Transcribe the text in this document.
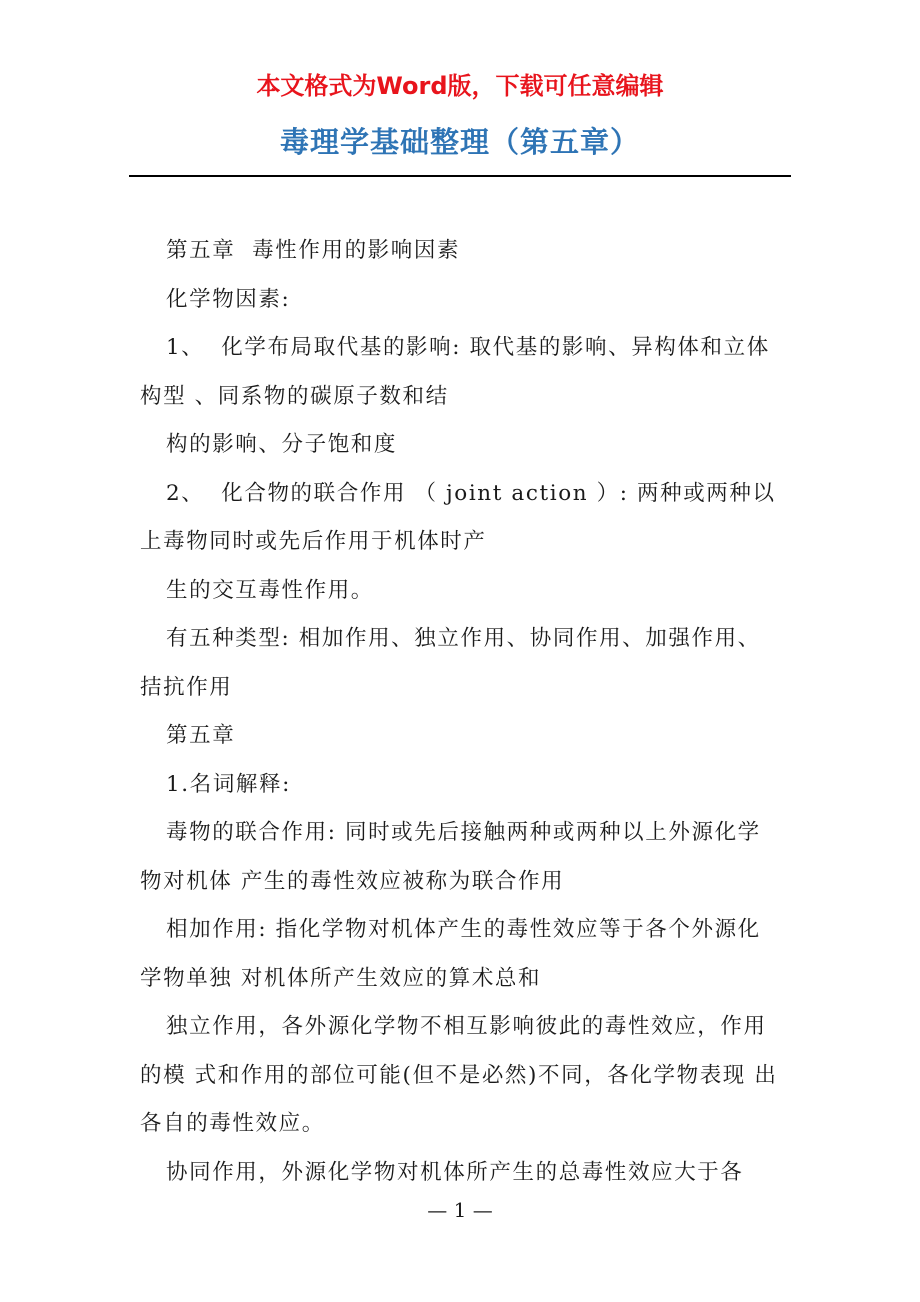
本文格式为Word版，下载可任意编辑
毒理学基础整理（第五章）

第五章  毒性作用的影响因素

化学物因素:

1、  化学布局取代基的影响: 取代基的影响、异构体和立体构型 、同系物的碳原子数和结

构的影响、分子饱和度

2、  化合物的联合作用 （ joint action ）: 两种或两种以上毒物同时或先后作用于机体时产

生的交互毒性作用。

有五种类型: 相加作用、独立作用、协同作用、加强作用、拮抗作用

第五章

1.名词解释:

毒物的联合作用: 同时或先后接触两种或两种以上外源化学物对机体 产生的毒性效应被称为联合作用

相加作用: 指化学物对机体产生的毒性效应等于各个外源化学物单独 对机体所产生效应的算术总和

独立作用，各外源化学物不相互影响彼此的毒性效应，作用的模 式和作用的部位可能(但不是必然)不同，各化学物表现 出各自的毒性效应。

协同作用，外源化学物对机体所产生的总毒性效应大于各

— 1 —
